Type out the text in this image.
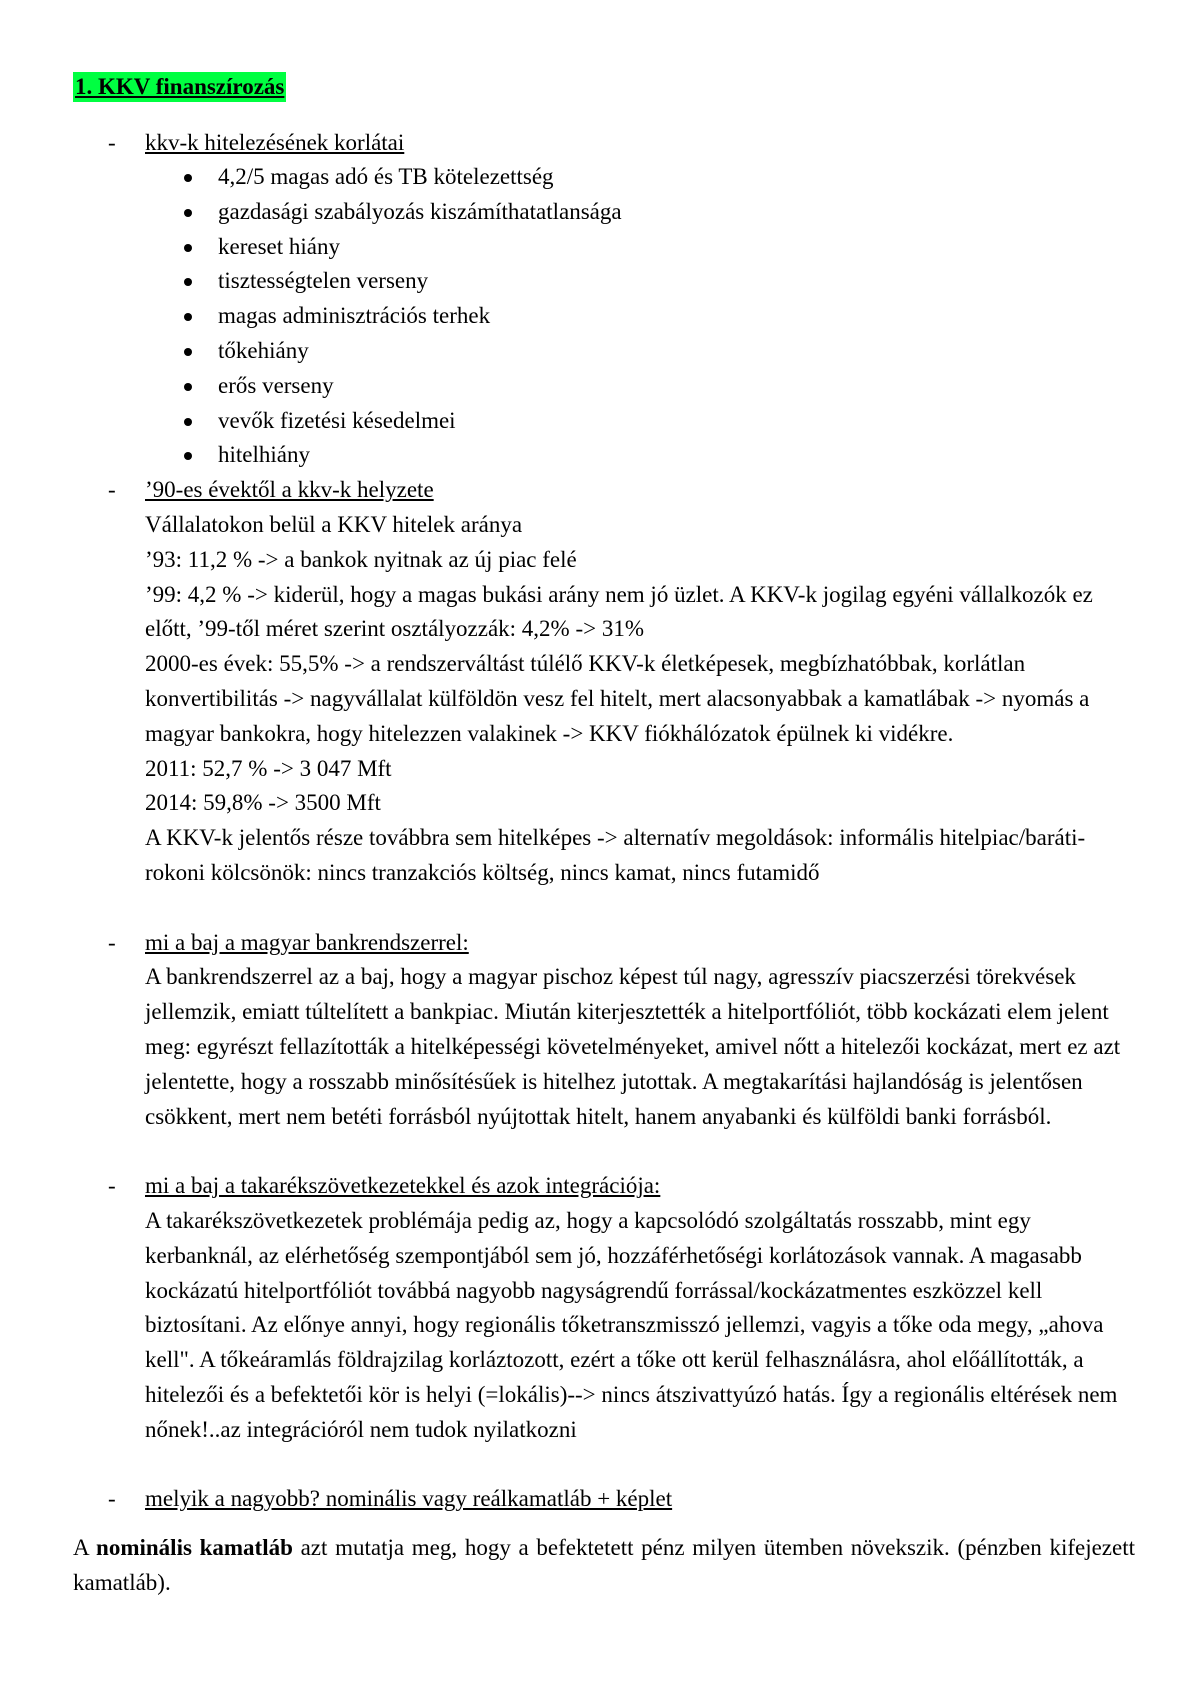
1. KKV finanszírozás
- kkv-k hitelezésének korlátai
4,2/5 magas adó és TB kötelezettség
gazdasági szabályozás kiszámíthatatlansága
kereset hiány
tisztességtelen verseny
magas adminisztrációs terhek
tőkehiány
erős verseny
vevők fizetési késedelmei
hitelhiány
- ’90-es évektől a kkv-k helyzete

Vállalatokon belül a KKV hitelek aránya

’93: 11,2 % -> a bankok nyitnak az új piac felé

’99: 4,2 % -> kiderül, hogy a magas bukási arány nem jó üzlet. A KKV-k jogilag egyéni vállalkozók ez előtt, ’99-től méret szerint osztályozzák: 4,2% -> 31%

2000-es évek: 55,5% -> a rendszerváltást túlélő KKV-k életképesek, megbízhatóbbak, korlátlan konvertibilitás -> nagyvállalat külföldön vesz fel hitelt, mert alacsonyabbak a kamatlábak -> nyomás a magyar bankokra, hogy hitelezzen valakinek -> KKV fiókhálózatok épülnek ki vidékre.

2011: 52,7 % -> 3 047 Mft

2014: 59,8% -> 3500 Mft

A KKV-k jelentős része továbbra sem hitelképes -> alternatív megoldások: informális hitelpiac/baráti-rokoni kölcsönök: nincs tranzakciós költség, nincs kamat, nincs futamidő

- mi a baj a magyar bankrendszerrel:

A bankrendszerrel az a baj, hogy a magyar pischoz képest túl nagy, agresszív piacszerzési törekvések jellemzik, emiatt túltelített a bankpiac. Miután kiterjesztették a hitelportfóliót, több kockázati elem jelent meg: egyrészt fellazították a hitelképességi követelményeket, amivel nőtt a hitelezői kockázat, mert ez azt jelentette, hogy a rosszabb minősítésűek is hitelhez jutottak. A megtakarítási hajlandóság is jelentősen csökkent, mert nem betéti forrásból nyújtottak hitelt, hanem anyabanki és külföldi banki forrásból.

- mi a baj a takarékszövetkezetekkel és azok integrációja:

A takarékszövetkezetek problémája pedig az, hogy a kapcsolódó szolgáltatás rosszabb, mint egy kerbanknál, az elérhetőség szempontjából sem jó, hozzáférhetőségi korlátozások vannak. A magasabb kockázatú hitelportfóliót továbbá nagyobb nagyságrendű forrással/kockázatmentes eszközzel kell biztosítani. Az előnye annyi, hogy regionális tőketranszmisszó jellemzi, vagyis a tőke oda megy, „ahova kell". A tőkeáramlás földrajzilag korláztozott, ezért a tőke ott kerül felhasználásra, ahol előállították, a hitelezői és a befektetői kör is helyi (=lokális)--> nincs átszivattyúzó hatás. Így a regionális eltérések nem nőnek!..az integrációról nem tudok nyilatkozni

- melyik a nagyobb? nominális vagy reálkamatláb + képlet
A nominális kamatláb azt mutatja meg, hogy a befektetett pénz milyen ütemben növekszik. (pénzben kifejezett kamatláb).
